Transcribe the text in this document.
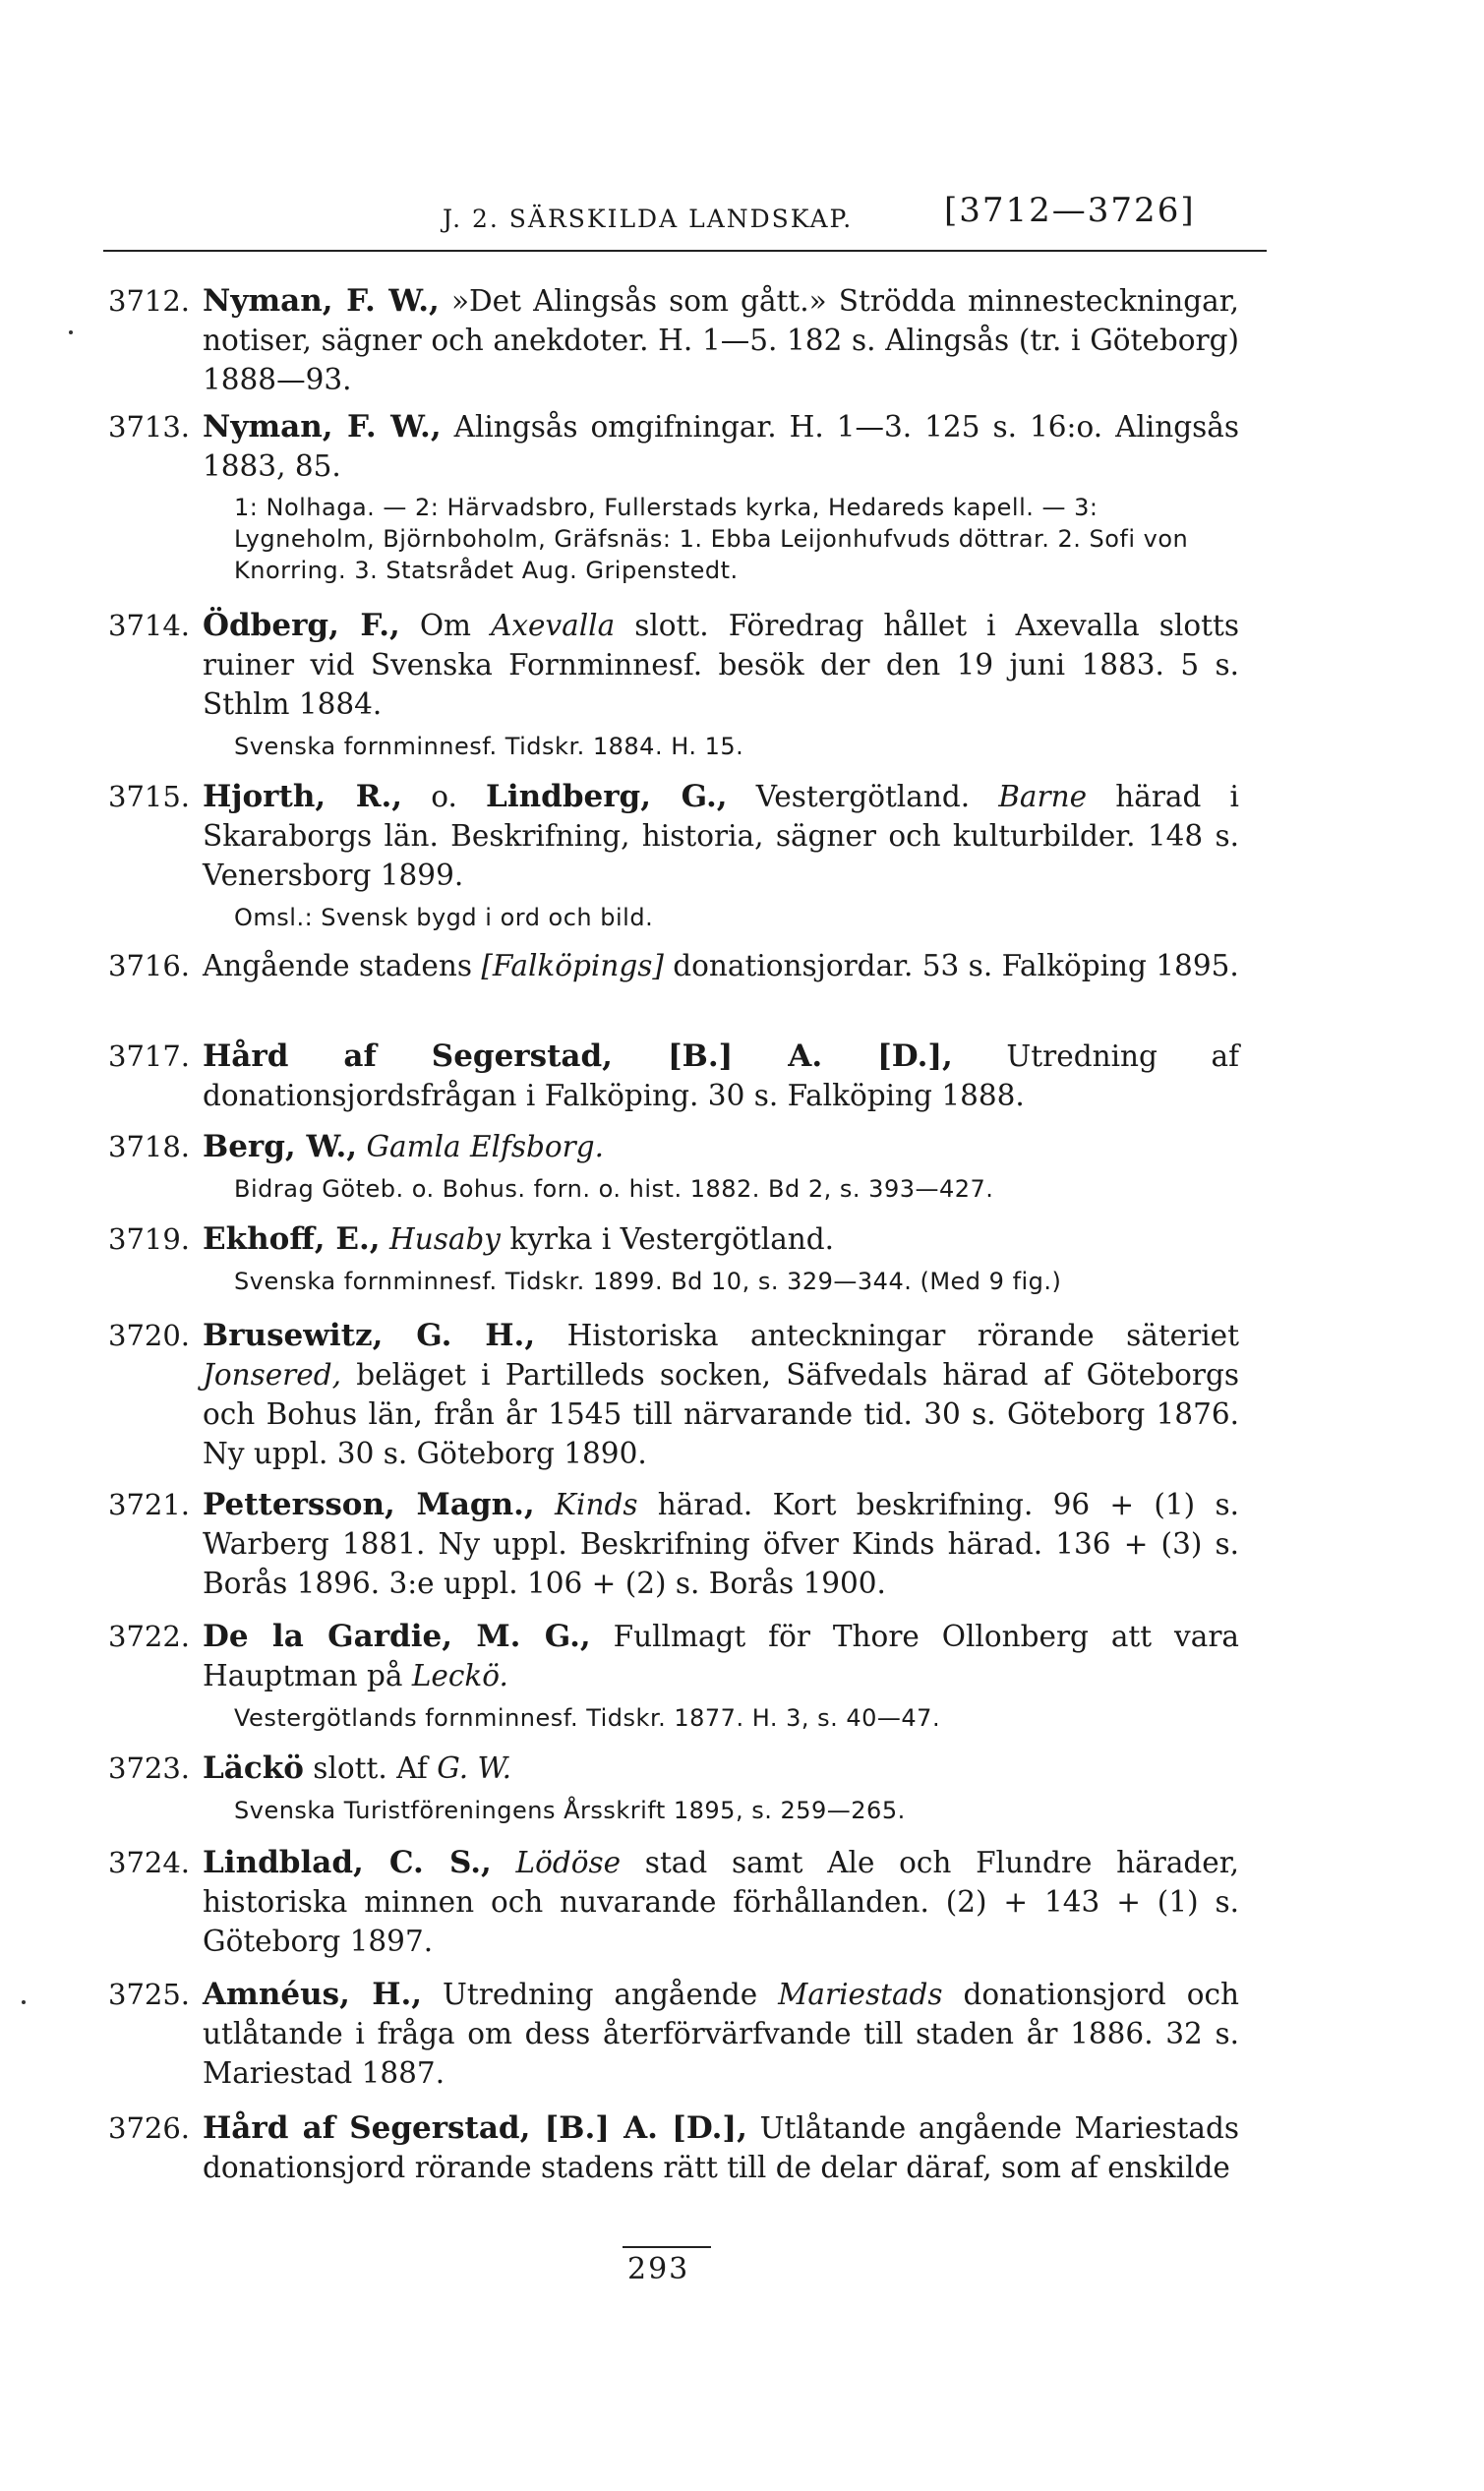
J. 2. SÄRSKILDA LANDSKAP.	[3712—3726]
3712. Nyman, F. W., »Det Alingsås som gått.» Strödda minnesteckningar, notiser, sägner och anekdoter. H. 1—5. 182 s. Alingsås (tr. i Göteborg) 1888—93.
3713. Nyman, F. W., Alingsås omgifningar. H. 1—3. 125 s. 16:o. Alingsås 1883, 85.
1: Nolhaga. — 2: Härvadsbro, Fullerstads kyrka, Hedareds kapell. — 3: Lygneholm, Björnboholm, Gräfsnäs: 1. Ebba Leijonhufvuds döttrar. 2. Sofi von Knorring. 3. Statsrådet Aug. Gripenstedt.
3714. Ödberg, F., Om Axevalla slott. Föredrag hållet i Axevalla slotts ruiner vid Svenska Fornminnesf. besök der den 19 juni 1883. 5 s. Sthlm 1884.
Svenska fornminnesf. Tidskr. 1884. H. 15.
3715. Hjorth, R., o. Lindberg, G., Vestergötland. Barne härad i Skaraborgs län. Beskrifning, historia, sägner och kulturbilder. 148 s. Venersborg 1899.
Omsl.: Svensk bygd i ord och bild.
3716. Angående stadens [Falköpings] donationsjordar. 53 s. Falköping 1895.
3717. Hård af Segerstad, [B.] A. [D.], Utredning af donationsjordsfrågan i Falköping. 30 s. Falköping 1888.
3718. Berg, W., Gamla Elfsborg.
Bidrag Göteb. o. Bohus. forn. o. hist. 1882. Bd 2, s. 393—427.
3719. Ekhoff, E., Husaby kyrka i Vestergötland.
Svenska fornminnesf. Tidskr. 1899. Bd 10, s. 329—344. (Med 9 fig.)
3720. Brusewitz, G. H., Historiska anteckningar rörande säteriet Jonsered, beläget i Partilleds socken, Säfvedals härad af Göteborgs och Bohus län, från år 1545 till närvarande tid. 30 s. Göteborg 1876. Ny uppl. 30 s. Göteborg 1890.
3721. Pettersson, Magn., Kinds härad. Kort beskrifning. 96 + (1) s. Warberg 1881. Ny uppl. Beskrifning öfver Kinds härad. 136 + (3) s. Borås 1896. 3:e uppl. 106 + (2) s. Borås 1900.
3722. De la Gardie, M. G., Fullmagt för Thore Ollonberg att vara Hauptman på Leckö.
Vestergötlands fornminnesf. Tidskr. 1877. H. 3, s. 40—47.
3723. Läckö slott. Af G. W.
Svenska Turistföreningens Årsskrift 1895, s. 259—265.
3724. Lindblad, C. S., Lödöse stad samt Ale och Flundre härader, historiska minnen och nuvarande förhållanden. (2) + 143 + (1) s. Göteborg 1897.
3725. Amnéus, H., Utredning angående Mariestads donationsjord och utlåtande i fråga om dess återförvärfvande till staden år 1886. 32 s. Mariestad 1887.
3726. Hård af Segerstad, [B.] A. [D.], Utlåtande angående Mariestads donationsjord rörande stadens rätt till de delar däraf, som af enskilde
293
